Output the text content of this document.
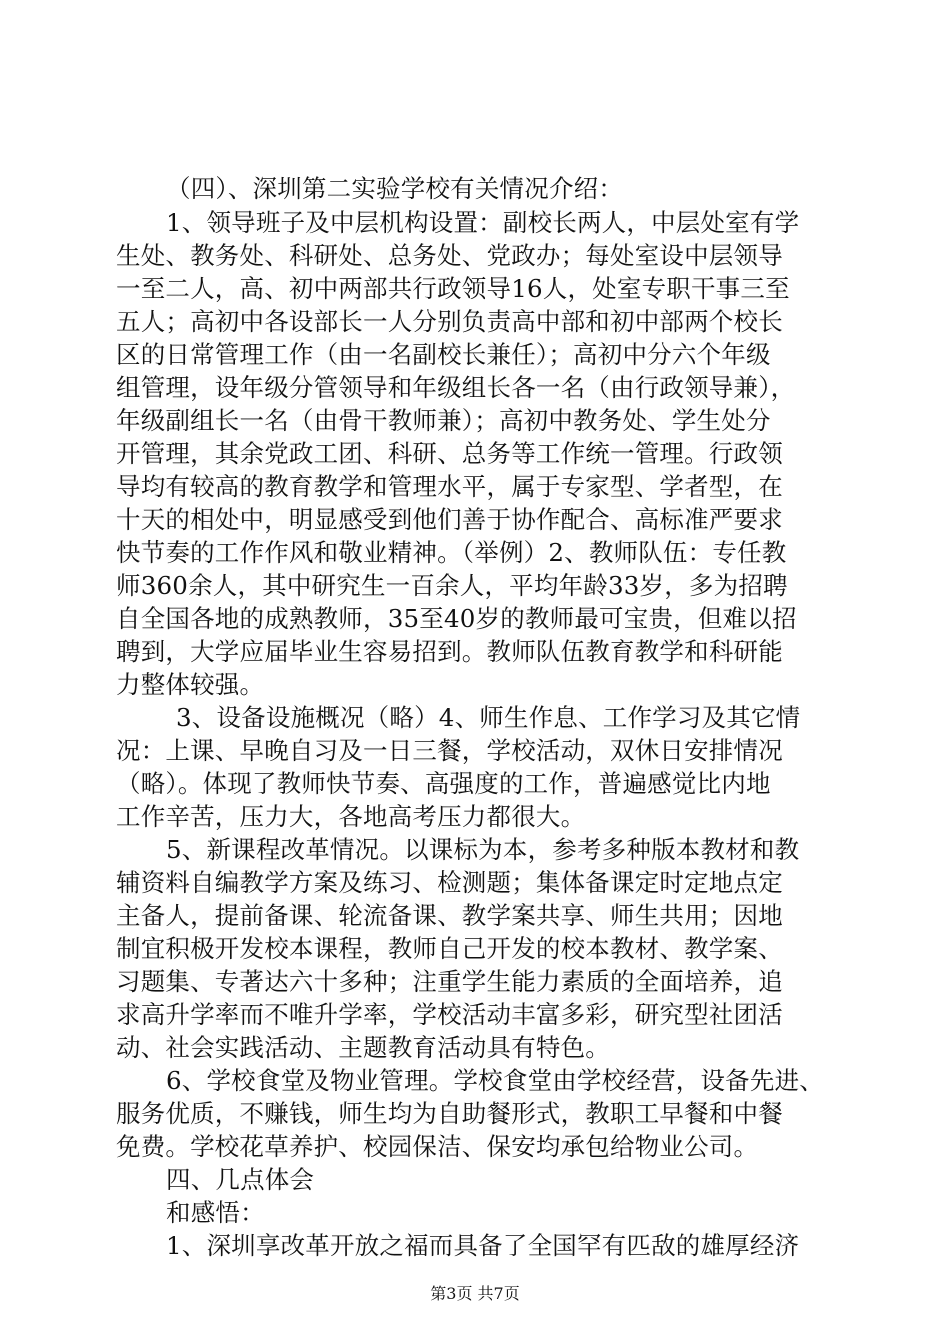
（四）、深圳第二实验学校有关情况介绍：
1、领导班子及中层机构设置：副校长两人，中层处室有学
生处、教务处、科研处、总务处、党政办；每处室设中层领导
一至二人，高、初中两部共行政领导16人，处室专职干事三至
五人；高初中各设部长一人分别负责高中部和初中部两个校长
区的日常管理工作（由一名副校长兼任）；高初中分六个年级
组管理，设年级分管领导和年级组长各一名（由行政领导兼），
年级副组长一名（由骨干教师兼）；高初中教务处、学生处分
开管理，其余党政工团、科研、总务等工作统一管理。行政领
导均有较高的教育教学和管理水平，属于专家型、学者型，在
十天的相处中，明显感受到他们善于协作配合、高标准严要求
快节奏的工作作风和敬业精神。（举例）2、教师队伍：专任教
师360余人，其中研究生一百余人，平均年龄33岁，多为招聘
自全国各地的成熟教师，35至40岁的教师最可宝贵，但难以招
聘到，大学应届毕业生容易招到。教师队伍教育教学和科研能
力整体较强。
3、设备设施概况（略）4、师生作息、工作学习及其它情
况：上课、早晚自习及一日三餐，学校活动，双休日安排情况
（略）。体现了教师快节奏、高强度的工作，普遍感觉比内地
工作辛苦，压力大，各地高考压力都很大。
5、新课程改革情况。以课标为本，参考多种版本教材和教
辅资料自编教学方案及练习、检测题；集体备课定时定地点定
主备人，提前备课、轮流备课、教学案共享、师生共用；因地
制宜积极开发校本课程，教师自己开发的校本教材、教学案、
习题集、专著达六十多种；注重学生能力素质的全面培养，追
求高升学率而不唯升学率，学校活动丰富多彩，研究型社团活
动、社会实践活动、主题教育活动具有特色。
6、学校食堂及物业管理。学校食堂由学校经营，设备先进、
服务优质，不赚钱，师生均为自助餐形式，教职工早餐和中餐
免费。学校花草养护、校园保洁、保安均承包给物业公司。
四、几点体会
和感悟：
1、深圳享改革开放之福而具备了全国罕有匹敌的雄厚经济
第3页 共7页
